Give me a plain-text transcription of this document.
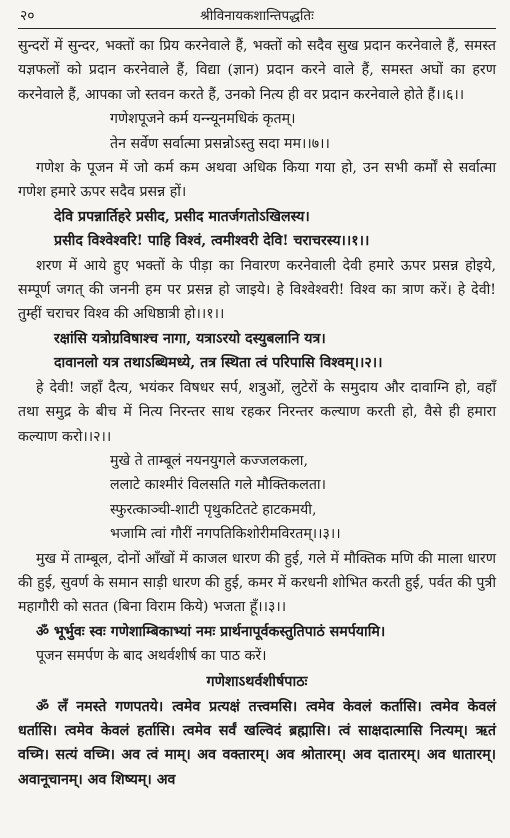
२०	श्रीविनायकशान्तिपद्धतिः

सुन्दरों में सुन्दर, भक्तों का प्रिय करनेवाले हैं, भक्तों को सदैव सुख प्रदान करनेवाले हैं, समस्त यज्ञफलों को प्रदान करनेवाले हैं, विद्या (ज्ञान) प्रदान करने वाले हैं, समस्त अघों का हरण करनेवाले हैं, आपका जो स्तवन करते हैं, उनको नित्य ही वर प्रदान करनेवाले होते हैं।।६।।

गणेशपूजने कर्म यन्न्यूनमधिकं कृतम्।
तेन सर्वेण सर्वात्मा प्रसन्नोऽस्तु सदा मम।।७।।

गणेश के पूजन में जो कर्म कम अथवा अधिक किया गया हो, उन सभी कर्मों से सर्वात्मा गणेश हमारे ऊपर सदैव प्रसन्न हों।

देवि प्रपन्नार्तिहरे प्रसीद, प्रसीद मातर्जगतोऽखिलस्य।
प्रसीद विश्वेश्वरि! पाहि विश्वं, त्वमीश्वरी देवि! चराचरस्य।।१।।

शरण में आये हुए भक्तों के पीड़ा का निवारण करनेवाली देवी हमारे ऊपर प्रसन्न होइये, सम्पूर्ण जगत् की जननी हम पर प्रसन्न हो जाइये। हे विश्वेश्वरी! विश्व का त्राण करें। हे देवी! तुम्हीं चराचर विश्व की अधिष्ठात्री हो।।१।।

रक्षांसि यत्रोग्रविषाश्च नागा, यत्राऽरयो दस्युबलानि यत्र।
दावानलो यत्र तथाऽब्धिमध्ये, तत्र स्थिता त्वं परिपासि विश्वम्।।२।।

हे देवी! जहाँ दैत्य, भयंकर विषधर सर्प, शत्रुओं, लुटेरों के समुदाय और दावाग्नि हो, वहाँ तथा समुद्र के बीच में नित्य निरन्तर साथ रहकर निरन्तर कल्याण करती हो, वैसे ही हमारा कल्याण करो।।२।।

मुखे ते ताम्बूलं नयनयुगले कज्जलकला,
ललाटे काश्मीरं विलसति गले मौक्तिकलता।
स्फुरत्काञ्ची-शाटी पृथुकटितटे हाटकमयी,
भजामि त्वां गौरीं नगपतिकिशोरीमविरतम्।।३।।

मुख में ताम्बूल, दोनों आँखों में काजल धारण की हुई, गले में मौक्तिक मणि की माला धारण की हुई, सुवर्ण के समान साड़ी धारण की हुई, कमर में करधनी शोभित करती हुई, पर्वत की पुत्री महागौरी को सतत (बिना विराम किये) भजता हूँ।।३।।

ॐ भूर्भुवः स्वः गणेशाम्बिकाभ्यां नमः प्रार्थनापूर्वकस्तुतिपाठं समर्पयामि।

पूजन समर्पण के बाद अथर्वशीर्ष का पाठ करें।

गणेशाऽथर्वशीर्षपाठः

ॐ लँ नमस्ते गणपतये। त्वमेव प्रत्यक्षं तत्त्वमसि। त्वमेव केवलं कर्तासि। त्वमेव केवलं धर्तासि। त्वमेव केवलं हर्तासि। त्वमेव सर्वं खल्विदं ब्रह्मासि। त्वं साक्षदात्मासि नित्यम्। ऋतं वच्मि। सत्यं वच्मि। अव त्वं माम्। अव वक्तारम्। अव श्रोतारम्। अव दातारम्। अव धातारम्। अवानूचानम्। अव शिष्यम्। अव
